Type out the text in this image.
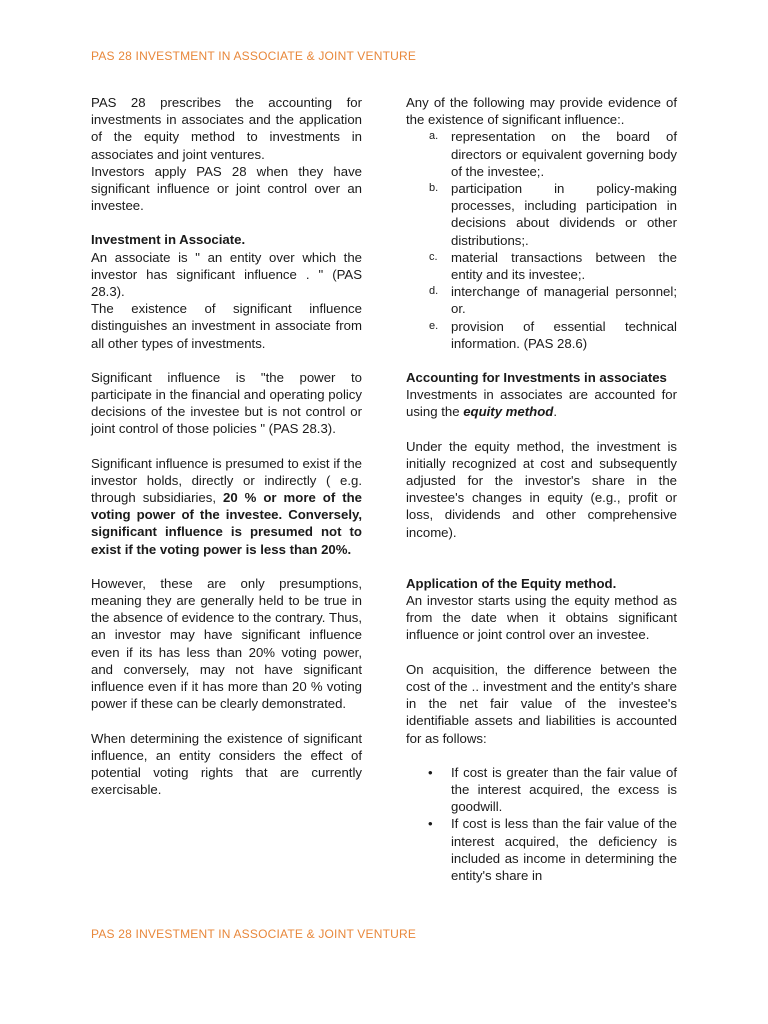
PAS 28 INVESTMENT IN ASSOCIATE & JOINT VENTURE

PAS 28 prescribes the accounting for investments in associates and the application of the equity method to investments in associates and joint ventures.

Investors apply PAS 28 when they have significant influence or joint control over an investee.

Investment in Associate.

An associate is " an entity over which the investor has significant influence . " (PAS 28.3).

The existence of significant influence distinguishes an investment in associate from all other types of investments.

Significant influence is "the power to participate in the financial and operating policy decisions of the investee but is not control or joint control of those policies " (PAS 28.3).

Significant influence is presumed to exist if the investor holds, directly or indirectly ( e.g. through subsidiaries, 20 % or more of the voting power of the investee. Conversely, significant influence is presumed not to exist if the voting power is less than 20%.

However, these are only presumptions, meaning they are generally held to be true in the absence of evidence to the contrary. Thus, an investor may have significant influence even if its has less than 20% voting power, and conversely, may not have significant influence even if it has more than 20 % voting power if these can be clearly demonstrated.

When determining the existence of significant influence, an entity considers the effect of potential voting rights that are currently exercisable.

Any of the following may provide evidence of the existence of significant influence:.

a. representation on the board of directors or equivalent governing body of the investee;.
b. participation in policy-making processes, including participation in decisions about dividends or other distributions;.
c.	material transactions between the entity and its investee;.
d. interchange of managerial personnel; or.
e. provision of essential technical information. (PAS 28.6)

Accounting for Investments in associates

Investments in associates are accounted for using the equity method.

Under the equity method, the investment is initially recognized at cost and subsequently adjusted for the investor's share in the investee's changes in equity (e.g., profit or loss, dividends and other comprehensive income).

Application of the Equity method.

An investor starts using the equity method as from the date when it obtains significant influence or joint control over an investee.

On acquisition, the difference between the cost of the .. investment and the entity's share in the net fair value of the investee's identifiable assets and liabilities is accounted for as follows:

•	If cost is greater than the fair value of the interest acquired, the excess is goodwill.
•	If cost is less than the fair value of the interest acquired, the deficiency is included as income in determining the entity's share in
PAS 28 INVESTMENT IN ASSOCIATE & JOINT VENTURE
